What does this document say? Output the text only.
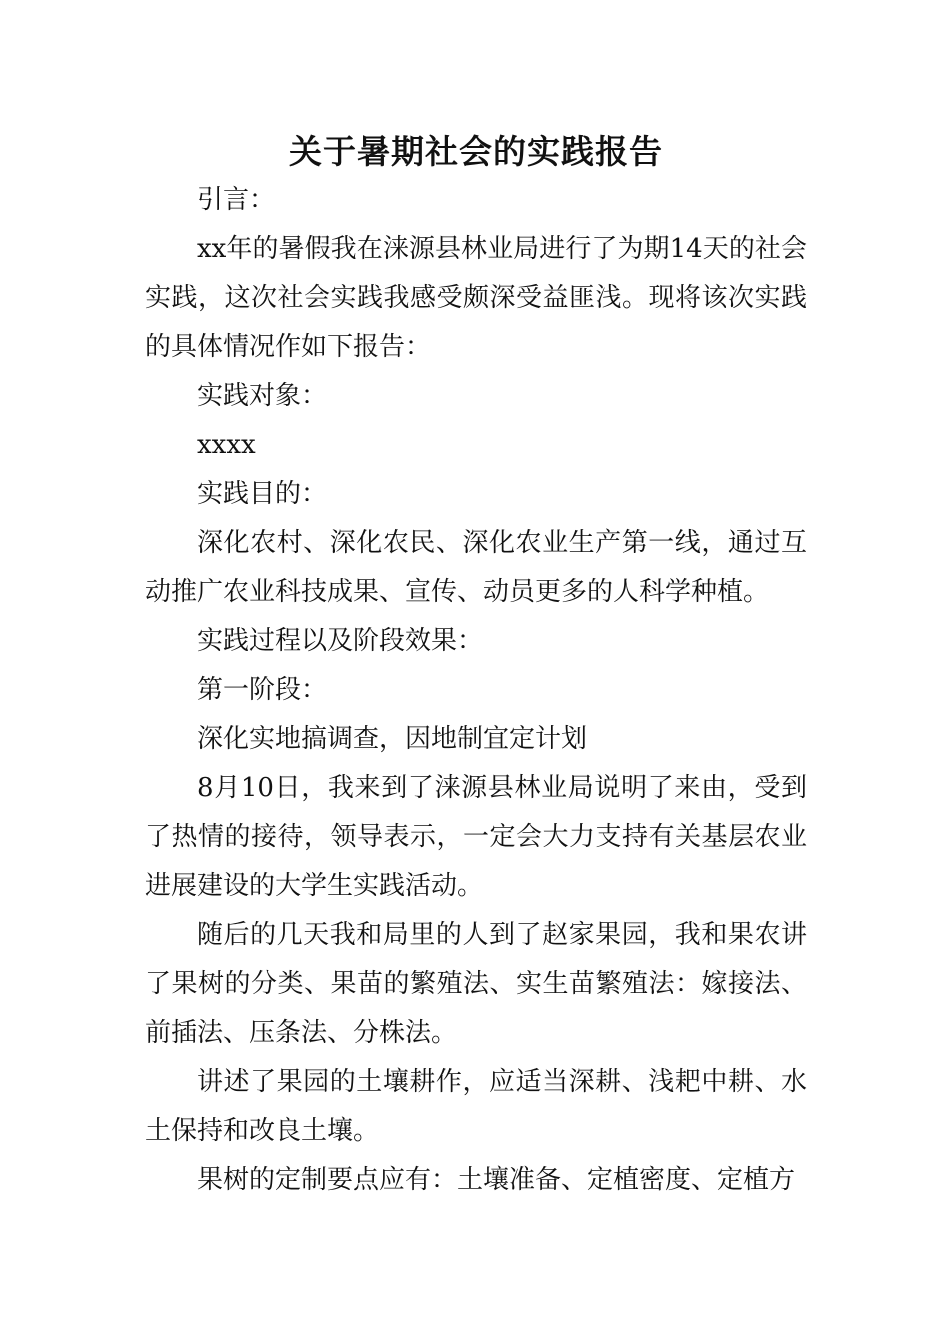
关于暑期社会的实践报告

引言：

xx年的暑假我在涞源县林业局进行了为期14天的社会实践，这次社会实践我感受颇深受益匪浅。现将该次实践的具体情况作如下报告：

实践对象：

xxxx

实践目的：

深化农村、深化农民、深化农业生产第一线，通过互动推广农业科技成果、宣传、动员更多的人科学种植。

实践过程以及阶段效果：

第一阶段：

深化实地搞调查，因地制宜定计划

8月10日，我来到了涞源县林业局说明了来由，受到了热情的接待，领导表示，一定会大力支持有关基层农业进展建设的大学生实践活动。

随后的几天我和局里的人到了赵家果园，我和果农讲了果树的分类、果苗的繁殖法、实生苗繁殖法：嫁接法、前插法、压条法、分株法。

讲述了果园的土壤耕作，应适当深耕、浅耙中耕、水土保持和改良土壤。

果树的定制要点应有：土壤准备、定植密度、定植方
